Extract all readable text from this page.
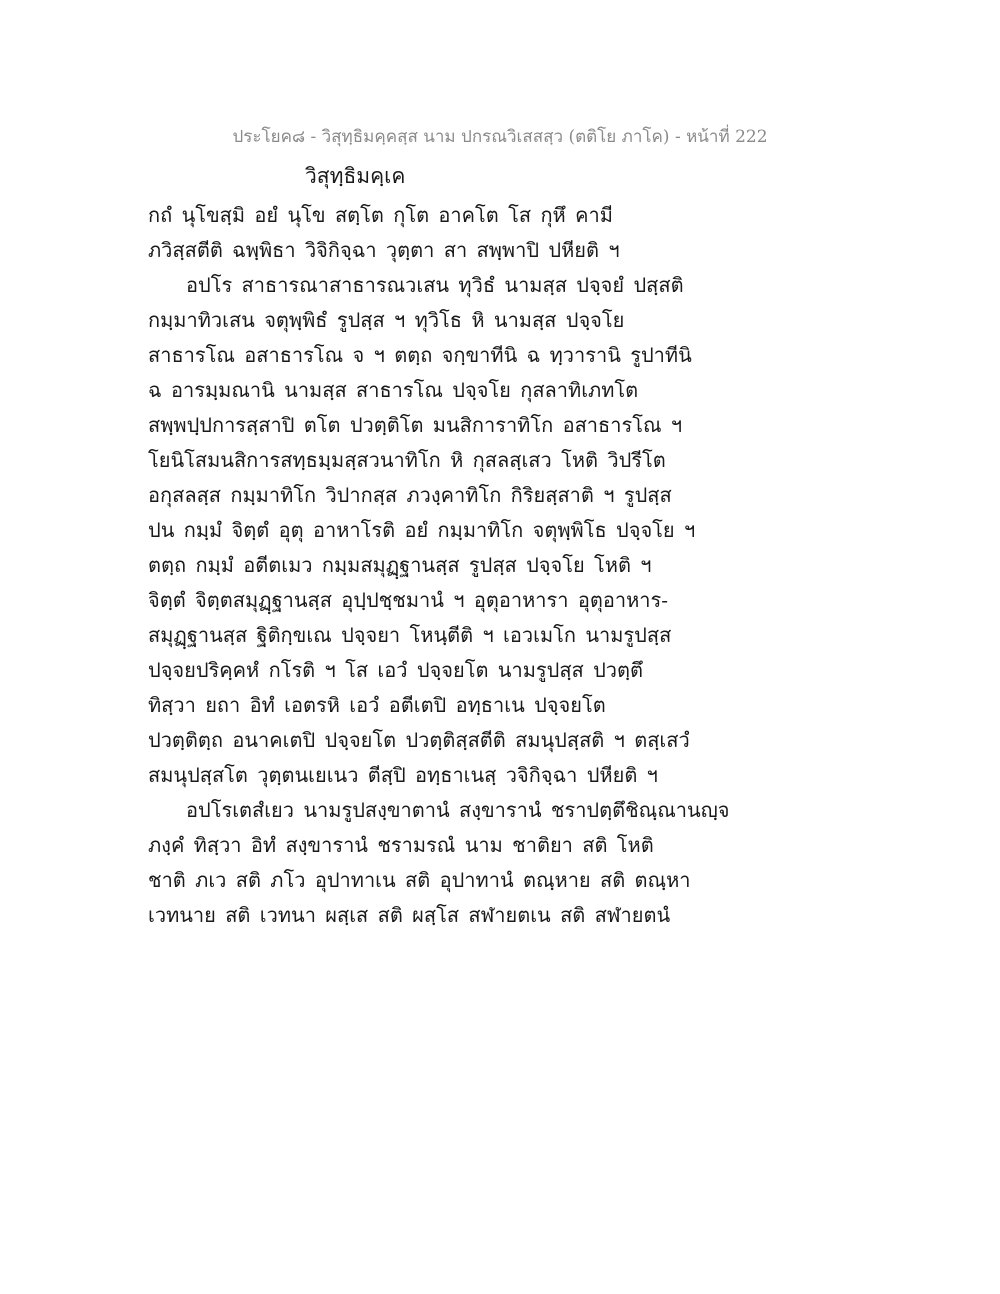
ประโยค๘ - วิสุทฺธิมคฺคสฺส นาม ปกรณวิเสสสฺว (ตติโย ภาโค) - หน้าที่ 222
วิสุทฺธิมคฺเค
กถํ นุโขสฺมิ อยํ นุโข สตฺโต กุโต อาคโต โส กุหึ คามี
ภวิสฺสตีติ ฉพฺพิธา วิจิกิจฺฉา วุตฺตา สา สพฺพาปิ ปหียติ ฯ
อปโร สาธารณาสาธารณวเสน ทุวิธํ นามสฺส ปจฺจยํ ปสฺสติ
กมฺมาทิวเสน จตุพฺพิธํ รูปสฺส ฯ ทุวิโธ หิ นามสฺส ปจฺจโย
สาธารโณ อสาธารโณ จ ฯ ตตฺถ จกฺขาทีนิ ฉ ทฺวารานิ รูปาทีนิ
ฉ อารมฺมณานิ นามสฺส สาธารโณ ปจฺจโย กุสลาทิเภทโต
สพฺพปฺปการสฺสาปิ ตโต ปวตฺติโต มนสิการาทิโก อสาธารโณ ฯ
โยนิโสมนสิการสทฺธมฺมสฺสวนาทิโก หิ กุสลสฺเสว โหติ วิปรีโต
อกุสลสฺส กมฺมาทิโก วิปากสฺส ภวงฺคาทิโก กิริยสฺสาติ ฯ รูปสฺส
ปน กมฺมํ จิตฺตํ อุตุ อาหาโรติ อยํ กมฺมาทิโก จตุพฺพิโธ ปจฺจโย ฯ
ตตฺถ กมฺมํ อตีตเมว กมฺมสมุฏฺฐานสฺส รูปสฺส ปจฺจโย โหติ ฯ
จิตฺตํ จิตฺตสมุฏฺฐานสฺส อุปฺปชฺชมานํ ฯ อุตุอาหารา อุตุอาหาร-
สมุฏฺฐานสฺส ฐิติกฺขเณ ปจฺจยา โหนฺตีติ ฯ เอวเมโก นามรูปสฺส
ปจฺจยปริคฺคหํ กโรติ ฯ โส เอวํ ปจฺจยโต นามรูปสฺส ปวตฺตึ
ทิสฺวา ยถา อิทํ เอตรหิ เอวํ อตีเตปิ อทฺธาเน ปจฺจยโต
ปวตฺติตฺถ อนาคเตปิ ปจฺจยโต ปวตฺติสฺสตีติ สมนุปสฺสติ ฯ ตสฺเสวํ
สมนุปสฺสโต วุตฺตนเยเนว ตีสฺปิ อทฺธาเนสฺ วจิกิจฺฉา ปหียติ ฯ
อปโรเตสํเยว นามรูปสงฺขาตานํ สงฺขารานํ ชราปตฺตึชิณฺณานญฺจ
ภงฺคํ ทิสฺวา อิทํ สงฺขารานํ ชรามรณํ นาม ชาติยา สติ โหติ
ชาติ ภเว สติ ภโว อุปาทาเน สติ อุปาทานํ ตณฺหาย สติ ตณฺหา
เวทนาย สติ เวทนา ผสฺเส สติ ผสฺโส สฬายตเน สติ สฬายตนํ
